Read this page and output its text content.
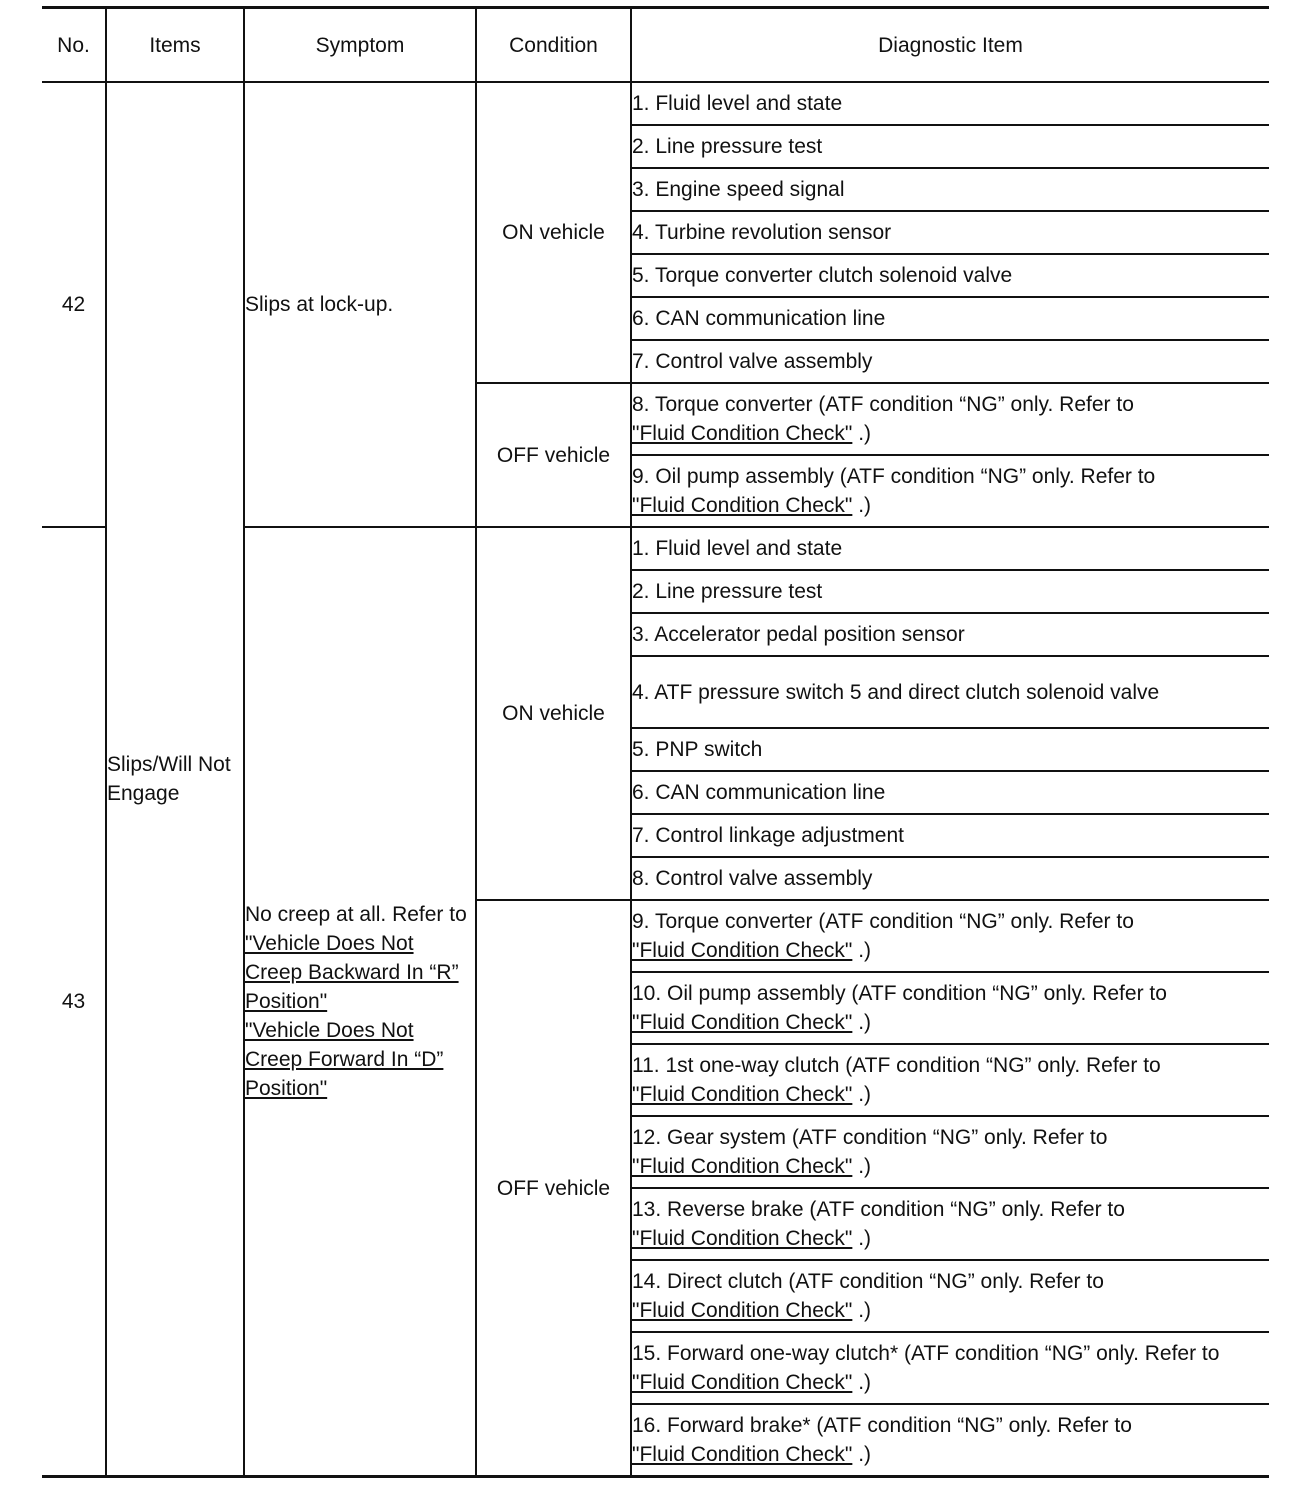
No.	Items	Symptom	Condition	Diagnostic Item
42	Slips/Will Not Engage	Slips at lock-up.	ON vehicle	1. Fluid level and state
				2. Line pressure test
				3. Engine speed signal
				4. Turbine revolution sensor
				5. Torque converter clutch solenoid valve
				6. CAN communication line
				7. Control valve assembly
			OFF vehicle	8. Torque converter (ATF condition “NG” only. Refer to
"Fluid Condition Check" .)
				9. Oil pump assembly (ATF condition “NG” only. Refer to
"Fluid Condition Check" .)
43		No creep at all. Refer to
"Vehicle Does Not Creep Backward In “R” Position"
"Vehicle Does Not Creep Forward In “D” Position"	ON vehicle	1. Fluid level and state
				2. Line pressure test
				3. Accelerator pedal position sensor
				4. ATF pressure switch 5 and direct clutch solenoid valve
				5. PNP switch
				6. CAN communication line
				7. Control linkage adjustment
				8. Control valve assembly
			OFF vehicle	9. Torque converter (ATF condition “NG” only. Refer to
"Fluid Condition Check" .)
				10. Oil pump assembly (ATF condition “NG” only. Refer to
"Fluid Condition Check" .)
				11. 1st one-way clutch (ATF condition “NG” only. Refer to
"Fluid Condition Check" .)
				12. Gear system (ATF condition “NG” only. Refer to
"Fluid Condition Check" .)
				13. Reverse brake (ATF condition “NG” only. Refer to
"Fluid Condition Check" .)
				14. Direct clutch (ATF condition “NG” only. Refer to
"Fluid Condition Check" .)
				15. Forward one-way clutch* (ATF condition “NG” only. Refer to "Fluid Condition Check" .)
				16. Forward brake* (ATF condition “NG” only. Refer to
"Fluid Condition Check" .)
